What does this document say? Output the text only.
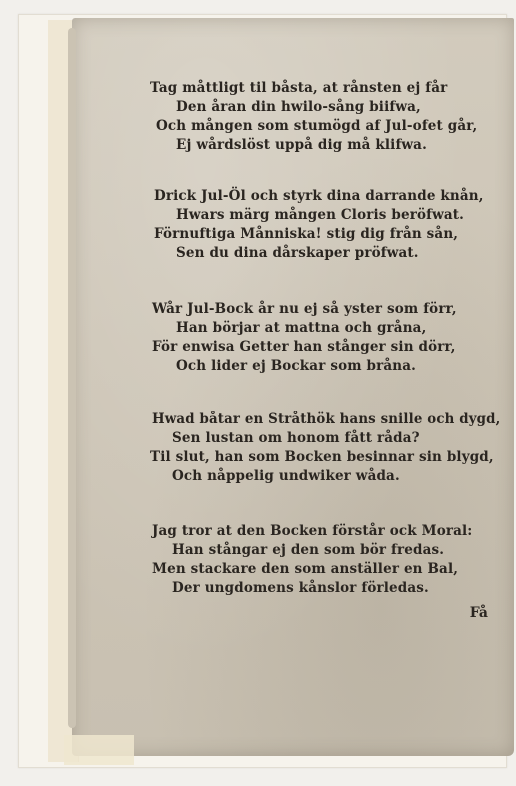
Tag måttligt til båsta, at rånsten ej får
Den åran din hwilo-sång biifwa,
Och mången som stumögd af Jul-ofet går,
Ej wårdslöst uppå dig må klifwa.
Drick Jul-Öl och styrk dina darrande knån,
Hwars märg mången Cloris beröfwat.
Förnuftiga Månniska! stig dig från sån,
Sen du dina dårskaper pröfwat.
Wår Jul-Bock år nu ej så yster som förr,
Han börjar at mattna och gråna,
För enwisa Getter han stånger sin dörr,
Och lider ej Bockar som bråna.
Hwad båtar en Stråthök hans snille och dygd,
Sen lustan om honom fått råda?
Til slut, han som Bocken besinnar sin blygd,
Och nåppelig undwiker wåda.
Jag tror at den Bocken förstår ock Moral:
Han stångar ej den som bör fredas.
Men stackare den som anställer en Bal,
Der ungdomens kånslor förledas.
Få
